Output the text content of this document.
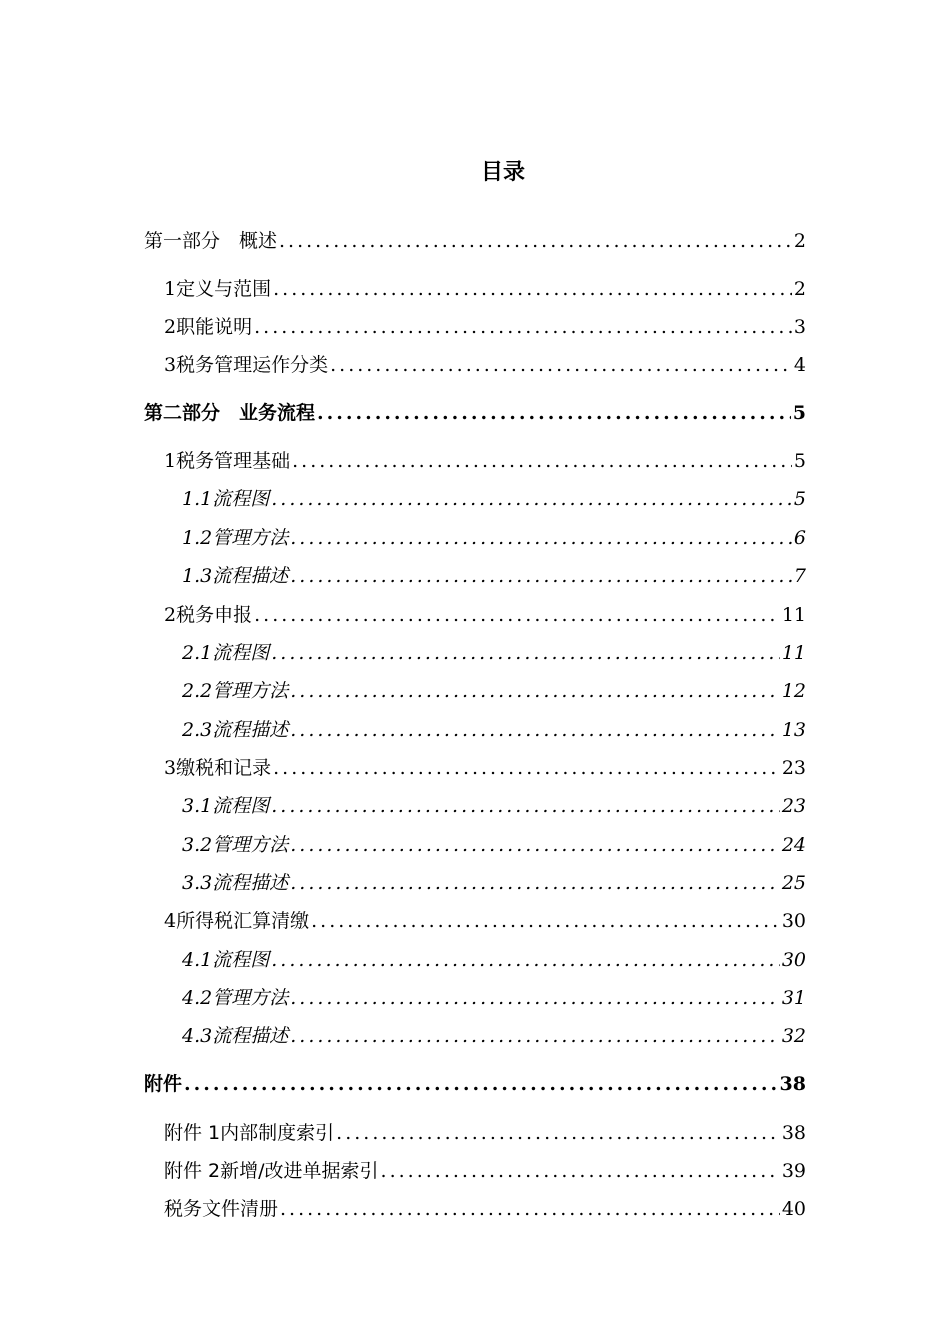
目录
第一部分　概述 .....	2
1 定义与范围 .....	2
2 职能说明 .....	3
3 税务管理运作分类 .....	4
第二部分　业务流程 .....	5
1 税务管理基础 .....	5
1.1 流程图 .....	5
1.2 管理方法 .....	6
1.3 流程描述 .....	7
2 税务申报 .....	11
2.1 流程图 .....	11
2.2 管理方法 .....	12
2.3 流程描述 .....	13
3 缴税和记录 .....	23
3.1 流程图 .....	23
3.2 管理方法 .....	24
3.3 流程描述 .....	25
4 所得税汇算清缴 .....	30
4.1 流程图 .....	30
4.2 管理方法 .....	31
4.3 流程描述 .....	32
附件 .....	38
附件 1 内部制度索引 .....	38
附件 2 新增/改进单据索引 .....	39
税务文件清册 .....	40
